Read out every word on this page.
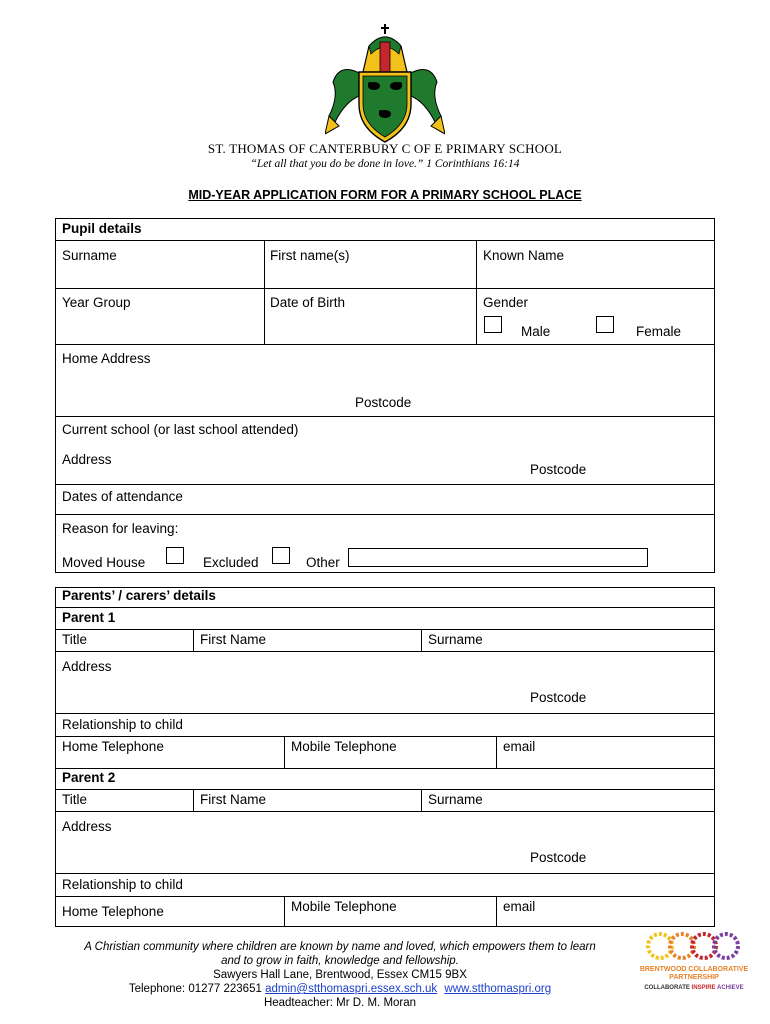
ST. THOMAS OF CANTERBURY C OF E PRIMARY SCHOOL
“Let all that you do be done in love.” 1 Corinthians 16:14
MID-YEAR APPLICATION FORM FOR A PRIMARY SCHOOL PLACE
Pupil details
Surname	First name(s)	Known Name
Year Group	Date of Birth	Gender
Male	Female
Home Address
Postcode
Current school (or last school attended)
Address
Postcode
Dates of attendance
Reason for leaving:
Moved House	Excluded	Other
Parents’ / carers’ details
Parent 1
Title	First Name	Surname
Address
Postcode
Relationship to child
Home Telephone	Mobile Telephone	email
Parent 2
Title	First Name	Surname
Address
Postcode
Relationship to child
Home Telephone	Mobile Telephone	email
A Christian community where children are known by name and loved, which empowers them to learn
and to grow in faith, knowledge and fellowship.
Sawyers Hall Lane, Brentwood, Essex CM15 9BX
Telephone: 01277 223651 admin@stthomaspri.essex.sch.uk www.stthomaspri.org
Headteacher: Mr D. M. Moran
BRENTWOOD COLLABORATIVE
PARTNERSHIP
COLLABORATE INSPIRE ACHIEVE
